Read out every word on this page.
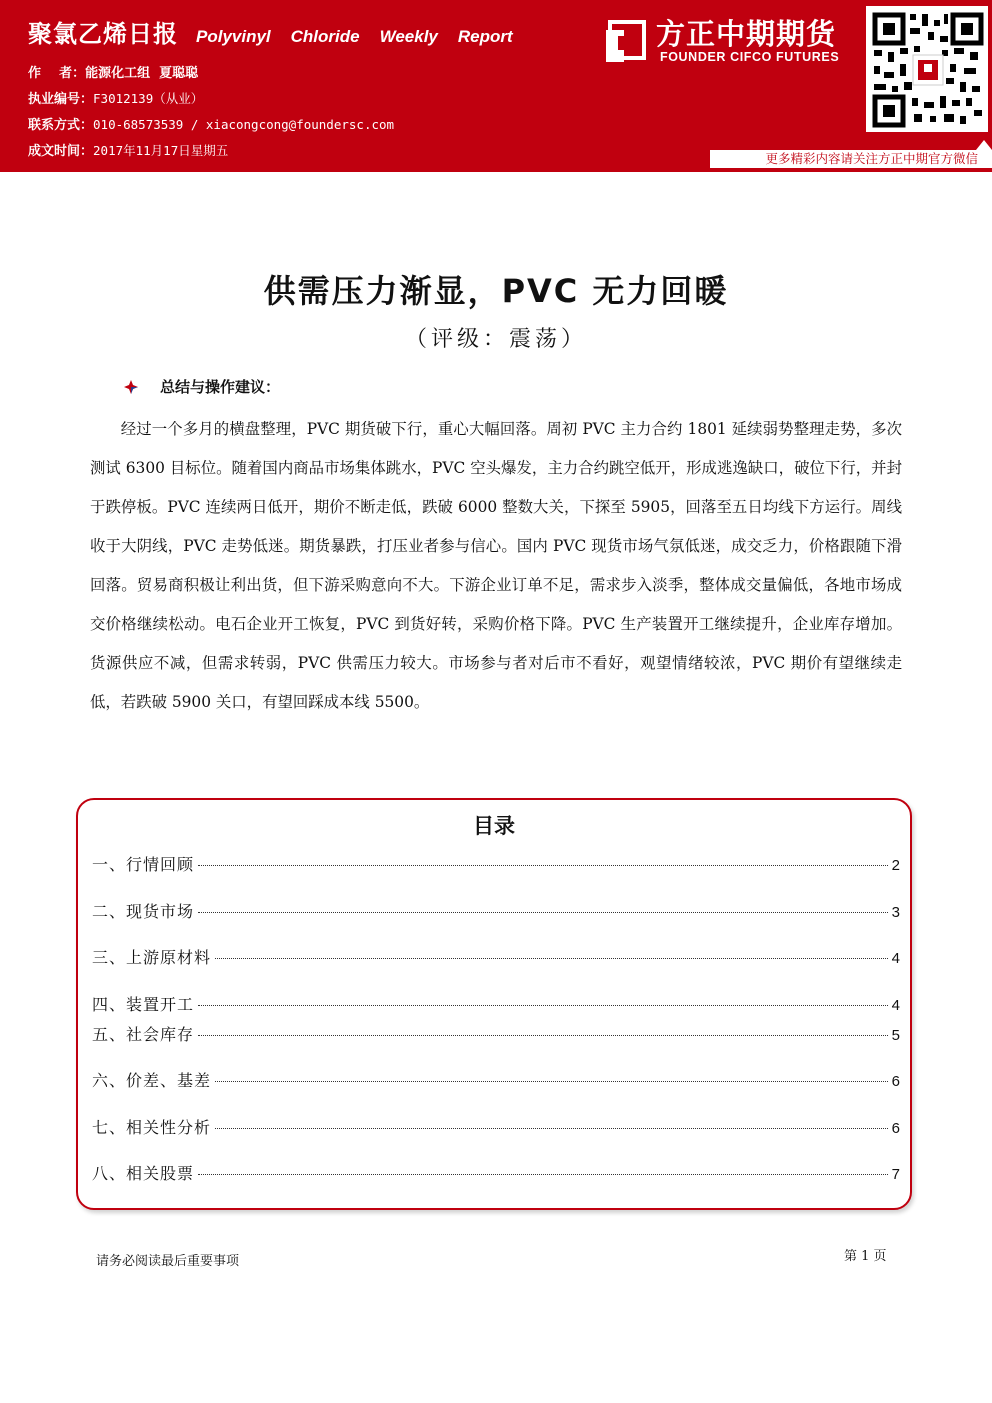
聚氯乙烯日报 Polyvinyl Chloride Weekly Report
作    者：能源化工组  夏聪聪
执业编号：F3012139（从业）
联系方式：010-68573539 / xiacongcong@foundersc.com
成文时间：2017年11月17日星期五
方正中期期货
FOUNDER CIFCO FUTURES
更多精彩内容请关注方正中期官方微信
供需压力渐显，PVC 无力回暖
（评级：震荡）
总结与操作建议：

经过一个多月的横盘整理，PVC 期货破下行，重心大幅回落。周初 PVC 主力合约 1801 延续弱势整理走势，多次测试 6300 目标位。随着国内商品市场集体跳水，PVC 空头爆发，主力合约跳空低开，形成逃逸缺口，破位下行，并封于跌停板。PVC 连续两日低开，期价不断走低，跌破 6000 整数大关，下探至 5905，回落至五日均线下方运行。周线收于大阴线，PVC 走势低迷。期货暴跌，打压业者参与信心。国内 PVC 现货市场气氛低迷，成交乏力，价格跟随下滑回落。贸易商积极让利出货，但下游采购意向不大。下游企业订单不足，需求步入淡季，整体成交量偏低，各地市场成交价格继续松动。电石企业开工恢复，PVC 到货好转，采购价格下降。PVC 生产装置开工继续提升，企业库存增加。货源供应不减，但需求转弱，PVC 供需压力较大。市场参与者对后市不看好，观望情绪较浓，PVC 期价有望继续走低，若跌破 5900 关口，有望回踩成本线 5500。

目录
一、行情回顾	2
二、现货市场	3
三、上游原材料	4
四、装置开工	4
五、社会库存	5
六、价差、基差	6
七、相关性分析	6
八、相关股票	7
请务必阅读最后重要事项	第 1 页
